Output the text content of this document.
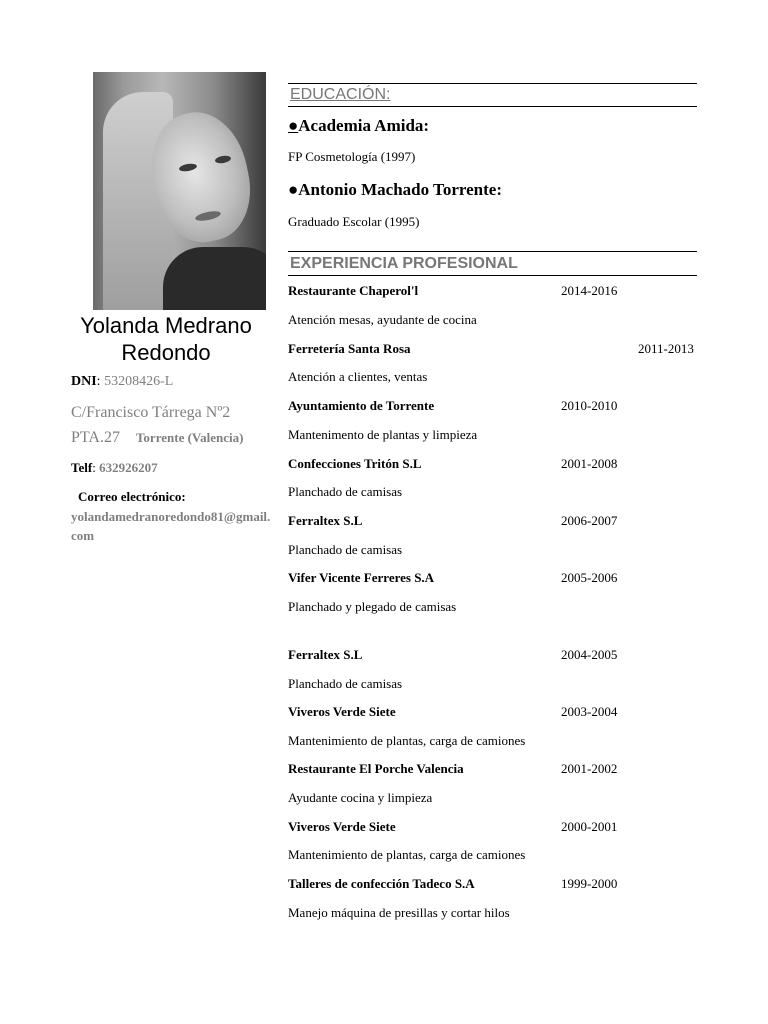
Yolanda Medrano Redondo
DNI: 53208426-L
C/Francisco Tárrega Nº2
PTA.27 Torrente (Valencia)
Telf: 632926207
Correo electrónico:
yolandamedranoredondo81@gmail.
com
EDUCACIÓN:
●Academia Amida:
FP Cosmetología (1997)
●Antonio Machado Torrente:
Graduado Escolar (1995)
EXPERIENCIA PROFESIONAL
Restaurante Chaperol'l	2014-2016
Atención mesas, ayudante de cocina
Ferretería Santa Rosa	2011-2013
Atención a clientes, ventas
Ayuntamiento de Torrente	2010-2010
Mantenimento de plantas y limpieza
Confecciones Tritón S.L	2001-2008
Planchado de camisas
Ferraltex S.L	2006-2007
Planchado de camisas
Vifer Vicente Ferreres S.A	2005-2006
Planchado y plegado de camisas
Ferraltex S.L	2004-2005
Planchado de camisas
Viveros Verde Siete	2003-2004
Mantenimiento de plantas, carga de camiones
Restaurante El Porche Valencia	2001-2002
Ayudante cocina y limpieza
Viveros Verde Siete	2000-2001
Mantenimiento de plantas, carga de camiones
Talleres de confección Tadeco S.A	1999-2000
Manejo máquina de presillas y cortar hilos
